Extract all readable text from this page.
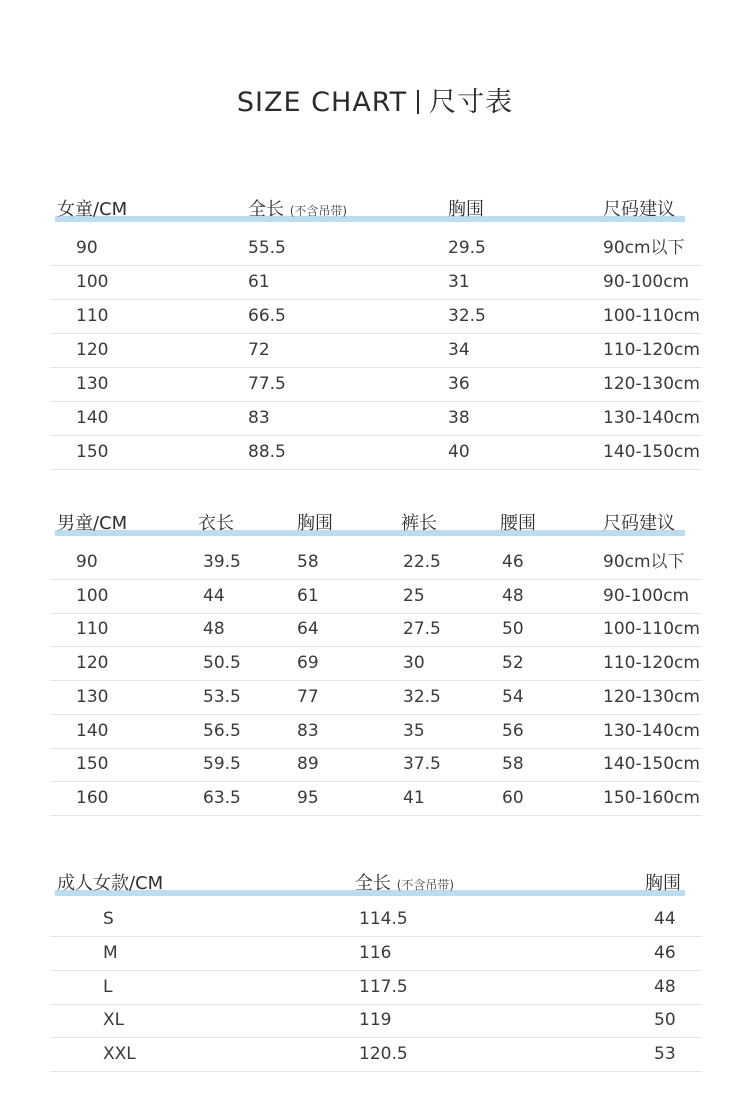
SIZE CHART 尺寸表
女童/CM	全长 (不含吊带)	胸围	尺码建议
90	55.5	29.5	90cm以下
100	61	31	90-100cm
110	66.5	32.5	100-110cm
120	72	34	110-120cm
130	77.5	36	120-130cm
140	83	38	130-140cm
150	88.5	40	140-150cm
男童/CM	衣长	胸围	裤长	腰围	尺码建议
90	39.5	58	22.5	46	90cm以下
100	44	61	25	48	90-100cm
110	48	64	27.5	50	100-110cm
120	50.5	69	30	52	110-120cm
130	53.5	77	32.5	54	120-130cm
140	56.5	83	35	56	130-140cm
150	59.5	89	37.5	58	140-150cm
160	63.5	95	41	60	150-160cm
成人女款/CM	全长 (不含吊带)	胸围
S	114.5	44
M	116	46
L	117.5	48
XL	119	50
XXL	120.5	53
